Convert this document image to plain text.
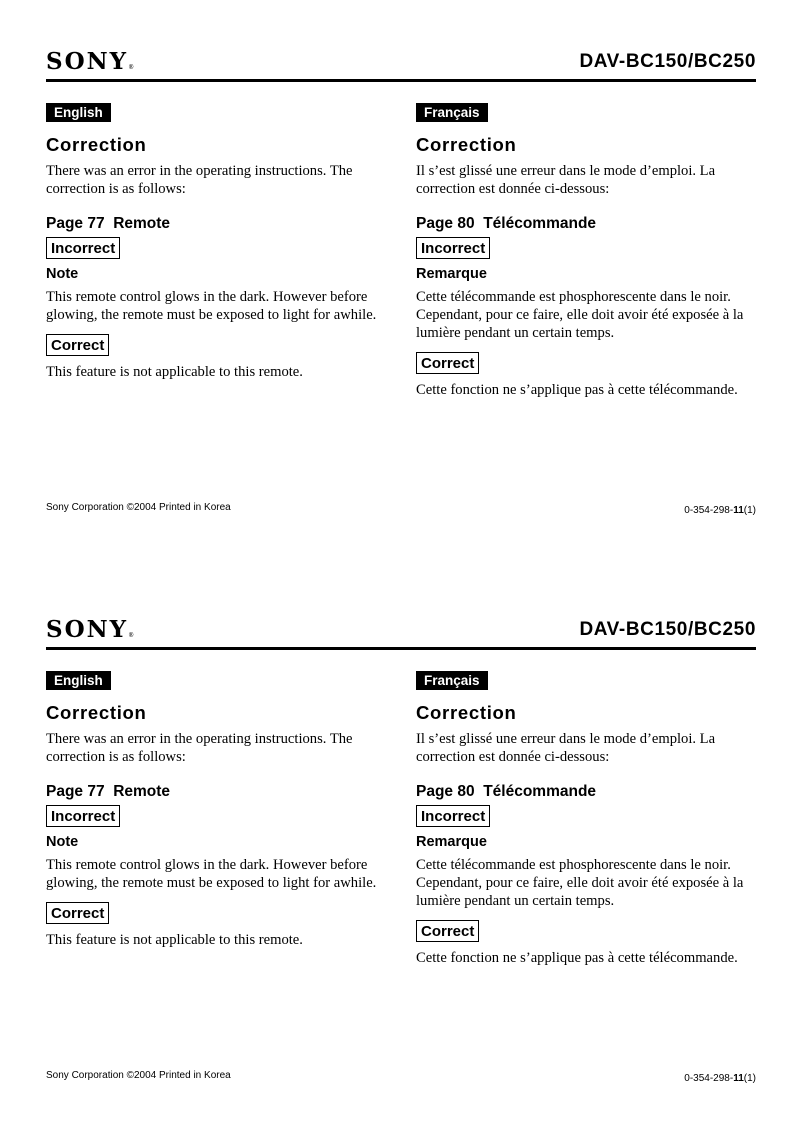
SONY®	DAV-BC150/BC250
English
Correction

There was an error in the operating instructions. The correction is as follows:

Page 77  Remote
Incorrect
Note

This remote control glows in the dark. However before glowing, the remote must be exposed to light for awhile.

Correct

This feature is not applicable to this remote.

Français
Correction

Il s’est glissé une erreur dans le mode d’emploi. La correction est donnée ci-dessous:

Page 80  Télécommande
Incorrect
Remarque

Cette télécommande est phosphorescente dans le noir. Cependant, pour ce faire, elle doit avoir été exposée à la lumière pendant un certain temps.

Correct

Cette fonction ne s’applique pas à cette télécommande.

Sony Corporation ©2004 Printed in Korea	0-354-298-11(1)
SONY®	DAV-BC150/BC250
English
Correction

There was an error in the operating instructions. The correction is as follows:

Page 77  Remote
Incorrect
Note

This remote control glows in the dark. However before glowing, the remote must be exposed to light for awhile.

Correct

This feature is not applicable to this remote.

Français
Correction

Il s’est glissé une erreur dans le mode d’emploi. La correction est donnée ci-dessous:

Page 80  Télécommande
Incorrect
Remarque

Cette télécommande est phosphorescente dans le noir. Cependant, pour ce faire, elle doit avoir été exposée à la lumière pendant un certain temps.

Correct

Cette fonction ne s’applique pas à cette télécommande.

Sony Corporation ©2004 Printed in Korea	0-354-298-11(1)
